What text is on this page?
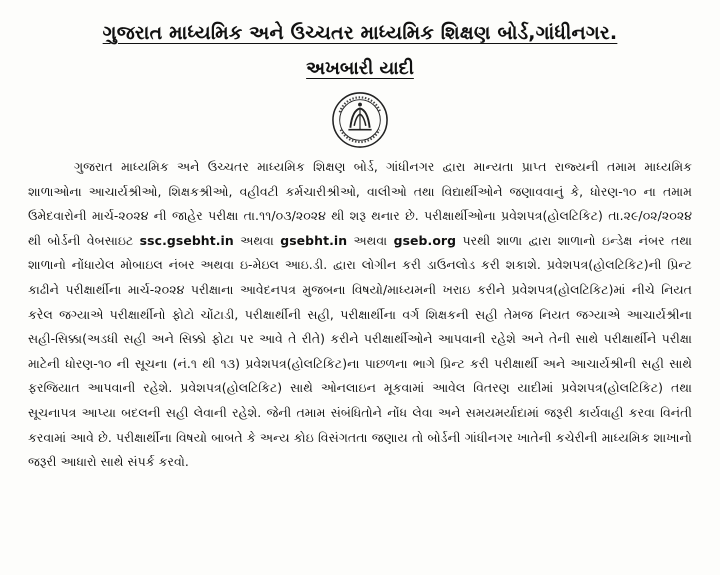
ગુજરાત માધ્યમિક અને ઉચ્ચતર માધ્યમિક શિક્ષણ બોર્ડ,ગાંધીનગર.
અખબારી યાદી
ગુજરાત માધ્યમિક અને ઉચ્ચતર માધ્યમિક શિક્ષણ બોર્ડ, ગાંધીનગર દ્વારા માન્યતા પ્રાપ્ત રાજ્યની તમામ માધ્યમિક શાળાઓના આચાર્યશ્રીઓ, શિક્ષકશ્રીઓ, વહીવટી કર્મચારીશ્રીઓ, વાલીઓ તથા વિદ્યાર્થીઓને જણાવવાનું કે, ધોરણ-૧૦ ના તમામ ઉમેદવારોની માર્ચ-૨૦૨૪ ની જાહેર પરીક્ષા તા.૧૧/૦૩/૨૦૨૪ થી શરૂ થનાર છે. પરીક્ષાર્થીઓના પ્રવેશપત્ર(હોલટિકિટ) તા.૨૯/૦૨/૨૦૨૪ થી બોર્ડની વેબસાઇટ ssc.gsebht.in અથવા gsebht.in અથવા gseb.org પરથી શાળા દ્વારા શાળાનો ઇન્ડેક્ષ નંબર તથા શાળાનો નોંધાયેલ મોબાઇલ નંબર અથવા ઇ-મેઇલ આઇ.ડી. દ્વારા લોગીન કરી ડાઉનલોડ કરી શકાશે. પ્રવેશપત્ર(હોલટિકિટ)ની પ્રિન્ટ કાઢીને પરીક્ષાર્થીના માર્ચ-૨૦૨૪ પરીક્ષાના આવેદનપત્ર મુજબના વિષયો/માધ્યમની ખરાઇ કરીને પ્રવેશપત્ર(હોલટિકિટ)માં નીચે નિયત કરેલ જગ્યાએ પરીક્ષાર્થીનો ફોટો ચોંટાડી, પરીક્ષાર્થીની સહી, પરીક્ષાર્થીના વર્ગ શિક્ષકની સહી તેમજ નિયત જગ્યાએ આચાર્યશ્રીના સહી-સિક્કા(અડધી સહી અને સિક્કો ફોટા પર આવે તે રીતે) કરીને પરીક્ષાર્થીઓને આપવાની રહેશે અને તેની સાથે પરીક્ષાર્થીને પરીક્ષા માટેની ધોરણ-૧૦ ની સૂચના (નં.૧ થી ૧૩) પ્રવેશપત્ર(હોલટિકિટ)ના પાછળના ભાગે પ્રિન્ટ કરી પરીક્ષાર્થી અને આચાર્યશ્રીની સહી સાથે ફરજિયાત આપવાની રહેશે. પ્રવેશપત્ર(હોલટિકિટ) સાથે ઓનલાઇન મૂકવામાં આવેલ વિતરણ યાદીમાં પ્રવેશપત્ર(હોલટિકિટ) તથા સૂચનાપત્ર આપ્યા બદલની સહી લેવાની રહેશે. જેની તમામ સંબંધિતોને નોંધ લેવા અને સમયમર્યાદામાં જરૂરી કાર્યવાહી કરવા વિનંતી કરવામાં આવે છે. પરીક્ષાર્થીના વિષયો બાબતે કે અન્ય કોઇ વિસંગતતા જણાય તો બોર્ડની ગાંધીનગર ખાતેની કચેરીની માધ્યમિક શાખાનો જરૂરી આધારો સાથે સંપર્ક કરવો.
